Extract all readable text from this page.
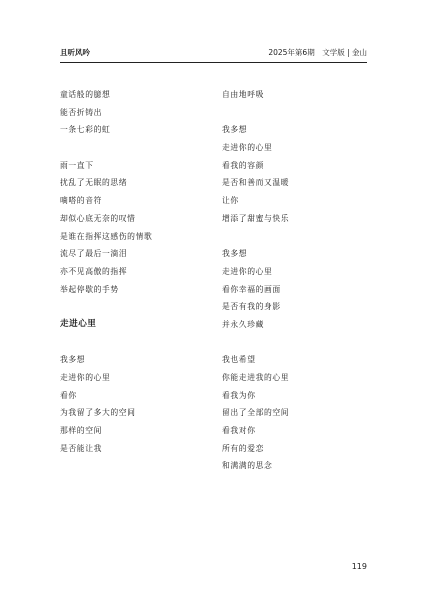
且听风吟	2025年第6期　文学版 | 金山
童话般的臆想
能否折铸出
一条七彩的虹
雨一直下
扰乱了无眠的思绪
嘀嗒的音符
却似心底无奈的叹惜
是谁在指挥这感伤的情歌
流尽了最后一滴泪
亦不见高傲的指挥
举起停歇的手势
走进心里
我多想
走进你的心里
看你
为我留了多大的空间
那样的空间
是否能让我
自由地呼吸
我多想
走进你的心里
看我的容颜
是否和善而又温暖
让你
增添了甜蜜与快乐
我多想
走进你的心里
看你幸福的画面
是否有我的身影
并永久珍藏
我也希望
你能走进我的心里
看我为你
留出了全部的空间
看我对你
所有的爱恋
和满满的思念
119
